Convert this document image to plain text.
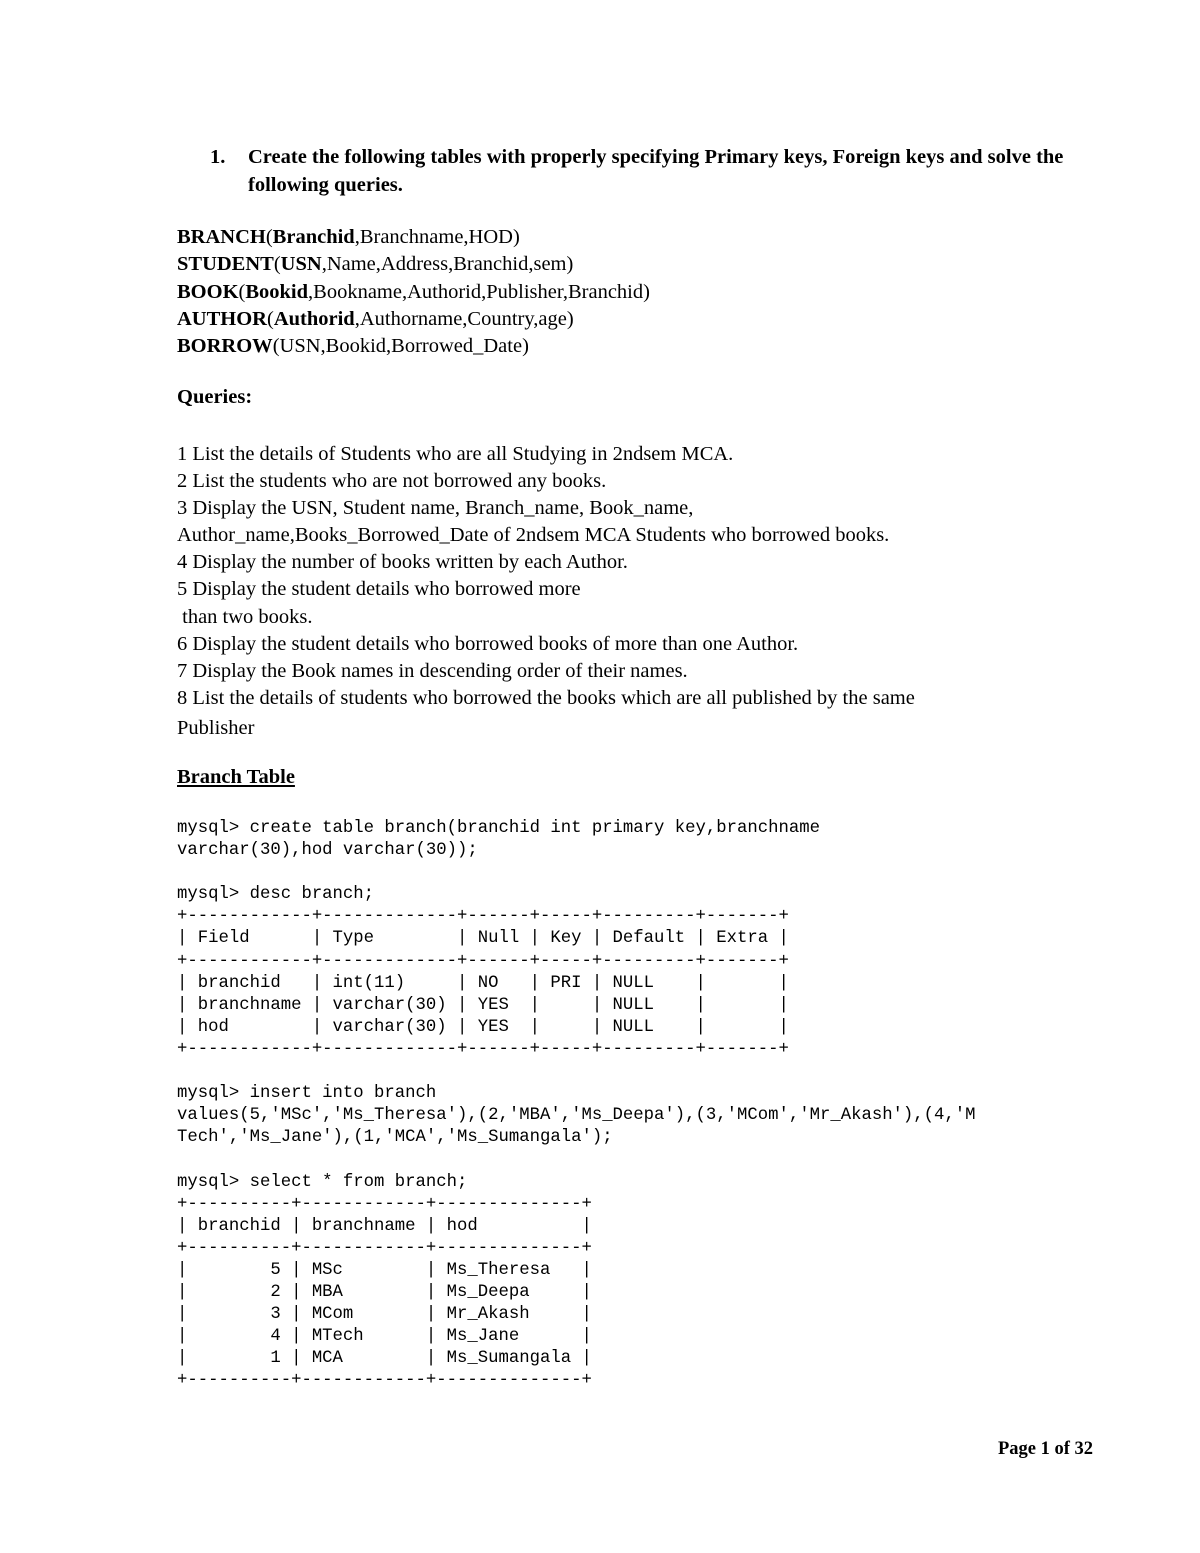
1. Create the following tables with properly specifying Primary keys, Foreign keys and solve the following queries.
BRANCH(Branchid,Branchname,HOD)
STUDENT(USN,Name,Address,Branchid,sem)
BOOK(Bookid,Bookname,Authorid,Publisher,Branchid)
AUTHOR(Authorid,Authorname,Country,age)
BORROW(USN,Bookid,Borrowed_Date)
Queries:
1 List the details of Students who are all Studying in 2ndsem MCA.
2 List the students who are not borrowed any books.
3 Display the USN, Student name, Branch_name, Book_name,
Author_name,Books_Borrowed_Date of 2ndsem MCA Students who borrowed books.
4 Display the number of books written by each Author.
5 Display the student details who borrowed more
than two books.
6 Display the student details who borrowed books of more than one Author.
7 Display the Book names in descending order of their names.
8 List the details of students who borrowed the books which are all published by the same
Publisher
Branch Table
mysql> create table branch(branchid int primary key,branchname
varchar(30),hod varchar(30));
mysql> desc branch;
+------------+-------------+------+-----+---------+-------+
| Field      | Type        | Null | Key | Default | Extra |
+------------+-------------+------+-----+---------+-------+
| branchid   | int(11)     | NO   | PRI | NULL    |       |
| branchname | varchar(30) | YES  |     | NULL    |       |
| hod        | varchar(30) | YES  |     | NULL    |       |
+------------+-------------+------+-----+---------+-------+
mysql> insert into branch
values(5,'MSc','Ms_Theresa'),(2,'MBA','Ms_Deepa'),(3,'MCom','Mr_Akash'),(4,'M
Tech','Ms_Jane'),(1,'MCA','Ms_Sumangala');
mysql> select * from branch;
+----------+------------+--------------+
| branchid | branchname | hod          |
+----------+------------+--------------+
|        5 | MSc        | Ms_Theresa   |
|        2 | MBA        | Ms_Deepa     |
|        3 | MCom       | Mr_Akash     |
|        4 | MTech      | Ms_Jane      |
|        1 | MCA        | Ms_Sumangala |
+----------+------------+--------------+
Page 1 of 32
